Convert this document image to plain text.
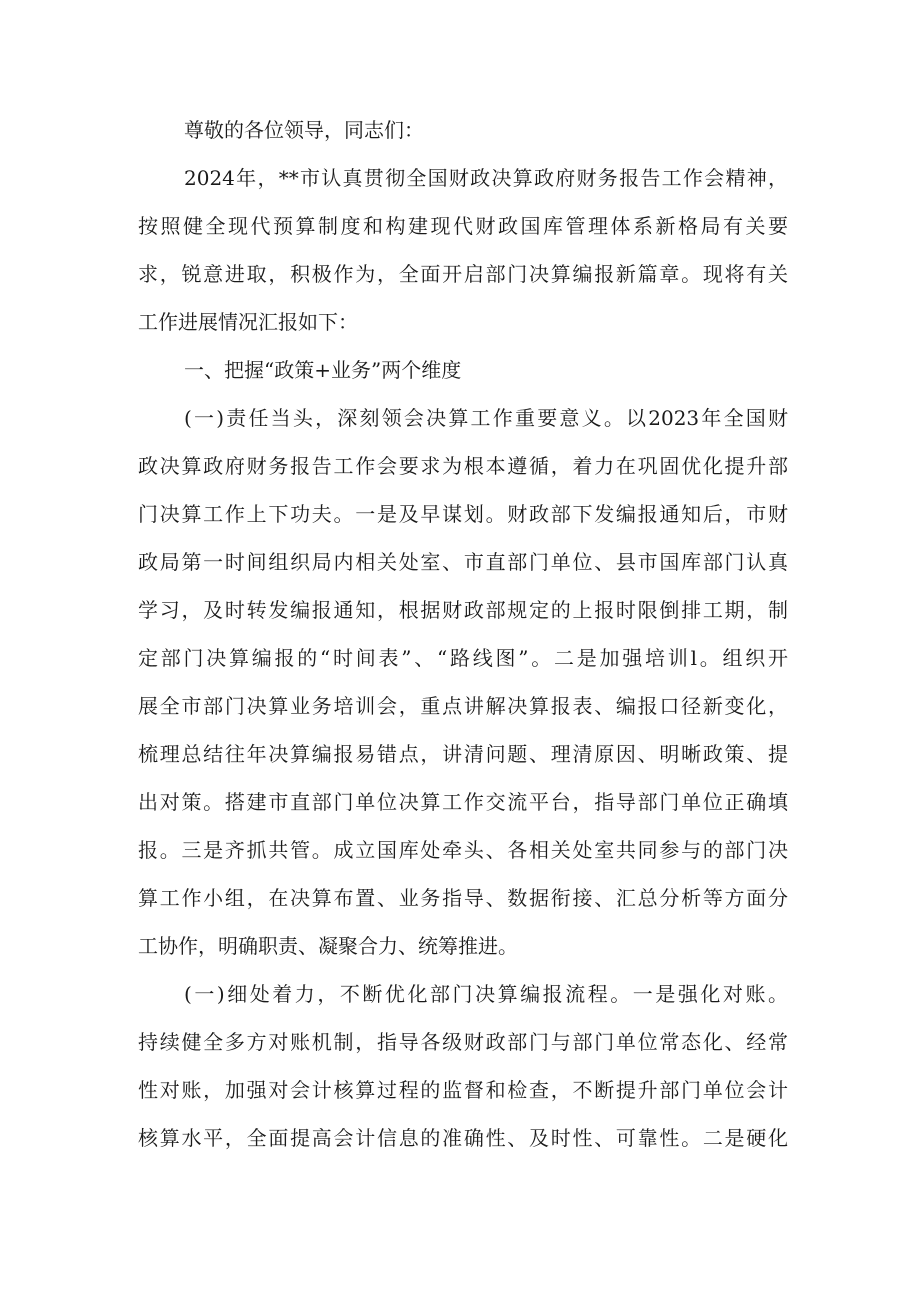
尊敬的各位领导，同志们：
2024年，**市认真贯彻全国财政决算政府财务报告工作会精神，
按照健全现代预算制度和构建现代财政国库管理体系新格局有关要
求，锐意进取，积极作为，全面开启部门决算编报新篇章。现将有关
工作进展情况汇报如下：
一、把握“政策+业务”两个维度
(一)责任当头，深刻领会决算工作重要意义。以2023年全国财
政决算政府财务报告工作会要求为根本遵循，着力在巩固优化提升部
门决算工作上下功夫。一是及早谋划。财政部下发编报通知后，市财
政局第一时间组织局内相关处室、市直部门单位、县市国库部门认真
学习，及时转发编报通知，根据财政部规定的上报时限倒排工期，制
定部门决算编报的“时间表”、“路线图”。二是加强培训l。组织开
展全市部门决算业务培训会，重点讲解决算报表、编报口径新变化，
梳理总结往年决算编报易错点，讲清问题、理清原因、明晰政策、提
出对策。搭建市直部门单位决算工作交流平台，指导部门单位正确填
报。三是齐抓共管。成立国库处牵头、各相关处室共同参与的部门决
算工作小组，在决算布置、业务指导、数据衔接、汇总分析等方面分
工协作，明确职责、凝聚合力、统筹推进。
(一)细处着力，不断优化部门决算编报流程。一是强化对账。
持续健全多方对账机制，指导各级财政部门与部门单位常态化、经常
性对账，加强对会计核算过程的监督和检查，不断提升部门单位会计
核算水平，全面提高会计信息的准确性、及时性、可靠性。二是硬化
